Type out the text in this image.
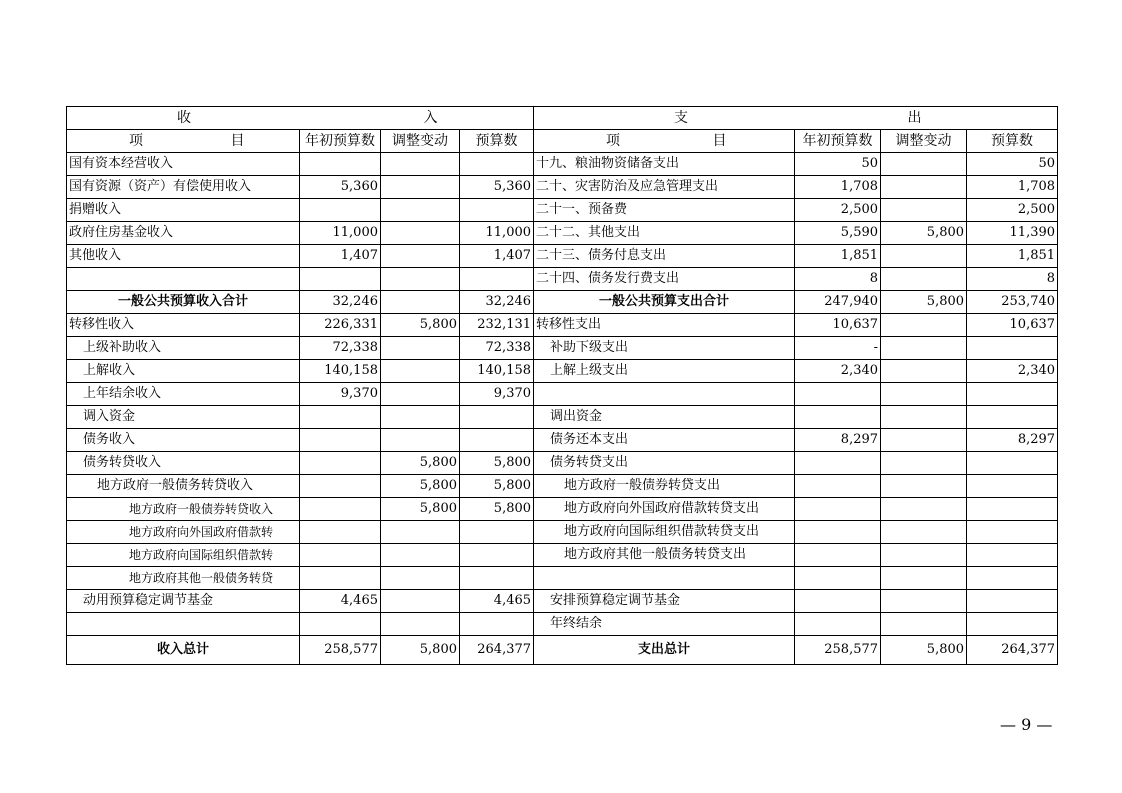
收 入				支 出			
项 目	年初预算数	调整变动	预算数	项 目	年初预算数	调整变动	预算数
国有资本经营收入				十九、粮油物资储备支出	50		50
国有资源（资产）有偿使用收入	5,360		5,360	二十、灾害防治及应急管理支出	1,708		1,708
捐赠收入				二十一、预备费	2,500		2,500
政府住房基金收入	11,000		11,000	二十二、其他支出	5,590	5,800	11,390
其他收入	1,407		1,407	二十三、债务付息支出	1,851		1,851
				二十四、债务发行费支出	8		8
一般公共预算收入合计	32,246		32,246	一般公共预算支出合计	247,940	5,800	253,740
转移性收入	226,331	5,800	232,131	转移性支出	10,637		10,637
上级补助收入	72,338		72,338	补助下级支出	-		
上解收入	140,158		140,158	上解上级支出	2,340		2,340
上年结余收入	9,370		9,370				
调入资金				调出资金			
债务收入				债务还本支出	8,297		8,297
债务转贷收入		5,800	5,800	债务转贷支出			
地方政府一般债务转贷收入		5,800	5,800	地方政府一般债券转贷支出			
地方政府一般债券转贷收入		5,800	5,800	地方政府向外国政府借款转贷支出			
地方政府向外国政府借款转				地方政府向国际组织借款转贷支出			
地方政府向国际组织借款转				地方政府其他一般债务转贷支出			
地方政府其他一般债务转贷							
动用预算稳定调节基金	4,465		4,465	安排预算稳定调节基金			
				年终结余			
收入总计	258,577	5,800	264,377	支出总计	258,577	5,800	264,377
— 9 —
